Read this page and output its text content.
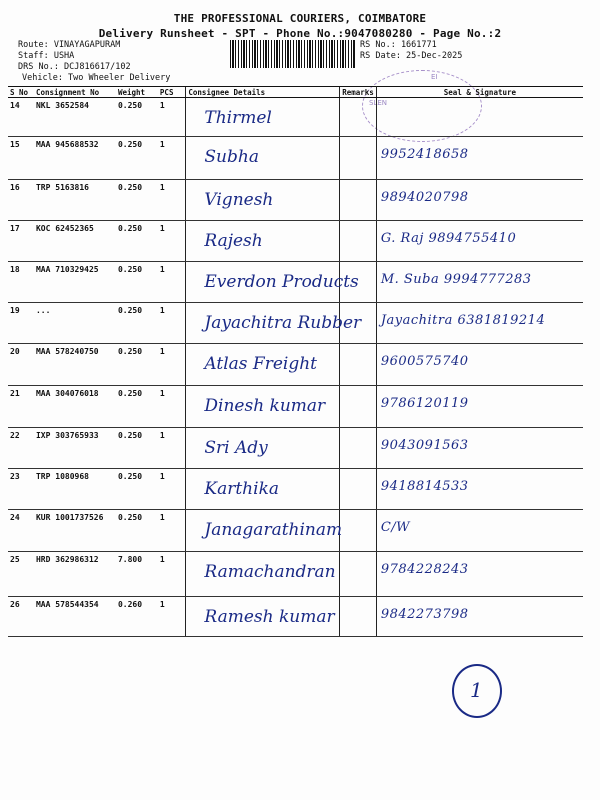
THE PROFESSIONAL COURIERS, COIMBATORE
Delivery Runsheet - SPT - Phone No.:9047080280 - Page No.:2
Route: VINAYAGAPURAM
Staff: USHA
DRS No.: DCJ816617/102
Vehicle: Two Wheeler Delivery
RS No.: 1661771
RS Date: 25-Dec-2025
EI
SLEN
S No	Consignment No	Weight	PCS	Consignee Details	Remarks	Seal & Signature
14	NKL 3652584	0.250	1	Thirmel		

15	MAA 945688532	0.250	1	Subha		9952418658

16	TRP 5163816	0.250	1	Vignesh		9894020798

17	KOC 62452365	0.250	1	Rajesh		G. Raj 9894755410

18	MAA 710329425	0.250	1	Everdon Products		M. Suba 9994777283

19	...	0.250	1	Jayachitra Rubber		Jayachitra 6381819214

20	MAA 578240750	0.250	1	Atlas Freight		9600575740

21	MAA 304076018	0.250	1	Dinesh kumar		9786120119

22	IXP 303765933	0.250	1	Sri Ady		9043091563

23	TRP 1080968	0.250	1	Karthika		9418814533

24	KUR 1001737526	0.250	1	Janagarathinam		C/W

25	HRD 362986312	7.800	1	Ramachandran		9784228243

26	MAA 578544354	0.260	1	Ramesh kumar		9842273798
1
